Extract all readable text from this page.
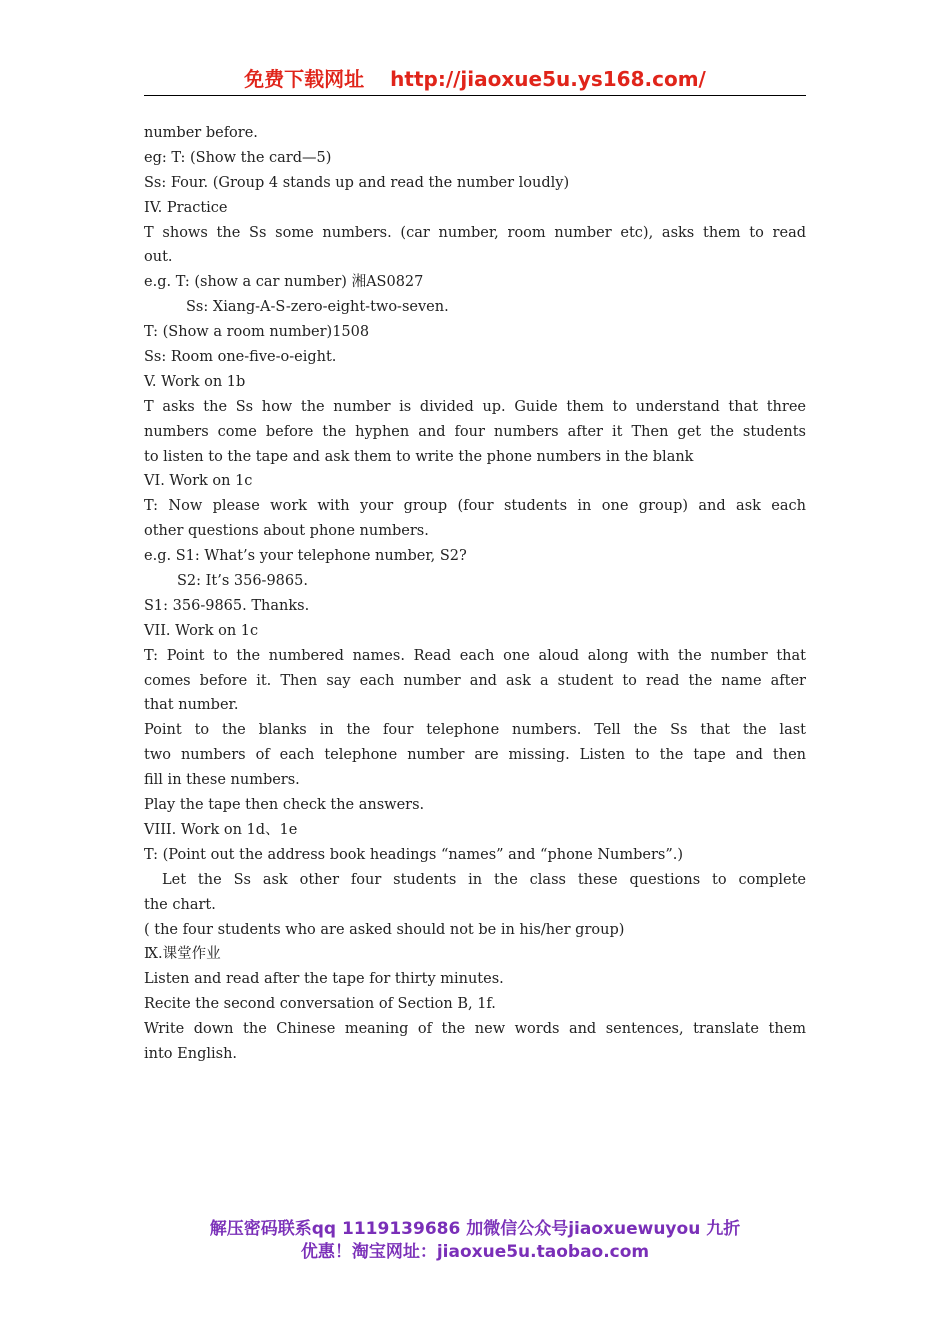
免费下载网址 http://jiaoxue5u.ys168.com/
number before.
eg: T: (Show the card—5)
Ss: Four. (Group 4 stands up and read the number loudly)
IV. Practice
T shows the Ss some numbers. (car number, room number etc), asks them to read
out.
e.g. T: (show a car number) 湘AS0827
Ss: Xiang-A-S-zero-eight-two-seven.
T: (Show a room number)1508
Ss: Room one-five-o-eight.
V. Work on 1b
T asks the Ss how the number is divided up. Guide them to understand that three
numbers come before the hyphen and four numbers after it Then get the students
to listen to the tape and ask them to write the phone numbers in the blank
VI. Work on 1c
T: Now please work with your group (four students in one group) and ask each
other questions about phone numbers.
e.g. S1: What’s your telephone number, S2?
S2: It’s 356-9865.
S1: 356-9865. Thanks.
VII. Work on 1c
T: Point to the numbered names. Read each one aloud along with the number that
comes before it. Then say each number and ask a student to read the name after
that number.
Point to the blanks in the four telephone numbers. Tell the Ss that the last
two numbers of each telephone number are missing. Listen to the tape and then
fill in these numbers.
Play the tape then check the answers.
VIII. Work on 1d、1e
T: (Point out the address book headings “names” and “phone Numbers”.)
Let the Ss ask other four students in the class these questions to complete
the chart.
( the four students who are asked should not be in his/her group)
Ⅸ.课堂作业
Listen and read after the tape for thirty minutes.
Recite the second conversation of Section B, 1f.
Write down the Chinese meaning of the new words and sentences, translate them
into English.
解压密码联系qq 1119139686 加微信公众号jiaoxuewuyou 九折
优惠！淘宝网址：jiaoxue5u.taobao.com
